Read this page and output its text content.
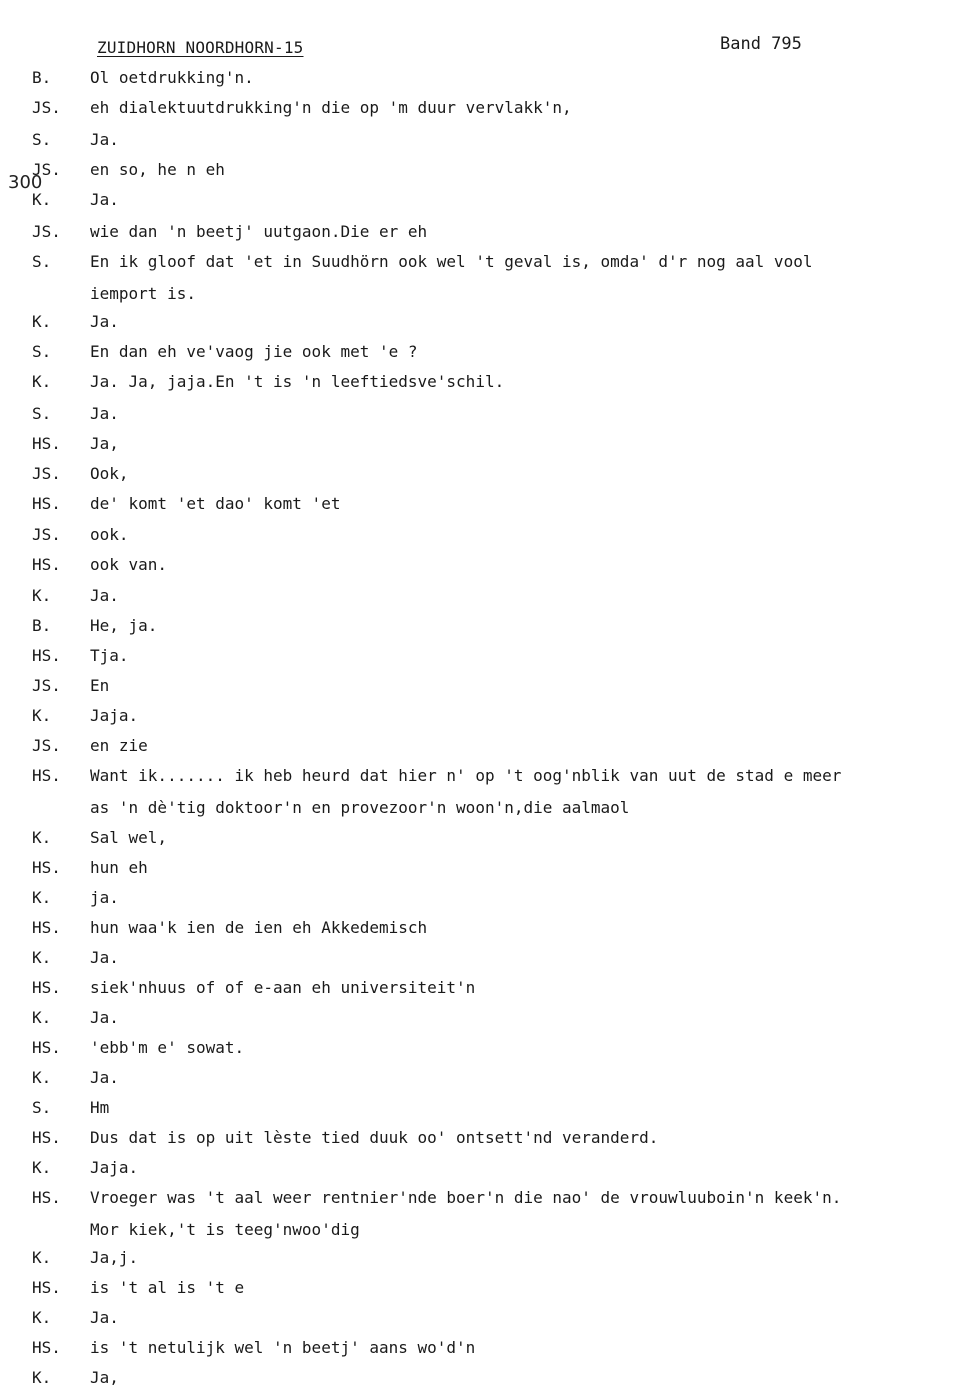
ZUIDHORN NOORDHORN-15	Band 795
300
B. Ol oetdrukking'n.
JS. eh dialektuutdrukking'n die op 'm duur vervlakk'n,
S. Ja.
JS. en so, he n eh
K. Ja.
JS. wie dan 'n beetj' uutgaon.Die er eh
S. En ik gloof dat 'et in Suudhörn ook wel 't geval is, omda' d'r nog aal vool
iemport is.
K. Ja.
S. En dan eh ve'vaog jie ook met 'e ?
K. Ja. Ja, jaja.En 't is 'n leeftiedsve'schil.
S. Ja.
HS. Ja,
JS. Ook,
HS. de' komt 'et dao' komt 'et
JS. ook.
HS. ook van.
K. Ja.
B. He, ja.
HS. Tja.
JS. En
K. Jaja.
JS. en zie
HS. Want ik....... ik heb heurd dat hier n' op 't oog'nblik van uut de stad e meer
as 'n dè'tig doktoor'n en provezoor'n woon'n,die aalmaol
K. Sal wel,
HS. hun eh
K. ja.
HS. hun waa'k ien de ien eh Akkedemisch
K. Ja.
HS. siek'nhuus of of e-aan eh universiteit'n
K. Ja.
HS. 'ebb'm e' sowat.
K. Ja.
S. Hm
HS. Dus dat is op uit lèste tied duuk oo' ontsett'nd veranderd.
K. Jaja.
HS. Vroeger was 't aal weer rentnier'nde boer'n die nao' de vrouwluuboin'n keek'n.
Mor kiek,'t is teeg'nwoo'dig
K. Ja,j.
HS. is 't al is 't e
K. Ja.
HS. is 't netulijk wel 'n beetj' aans wo'd'n
K. Ja,
